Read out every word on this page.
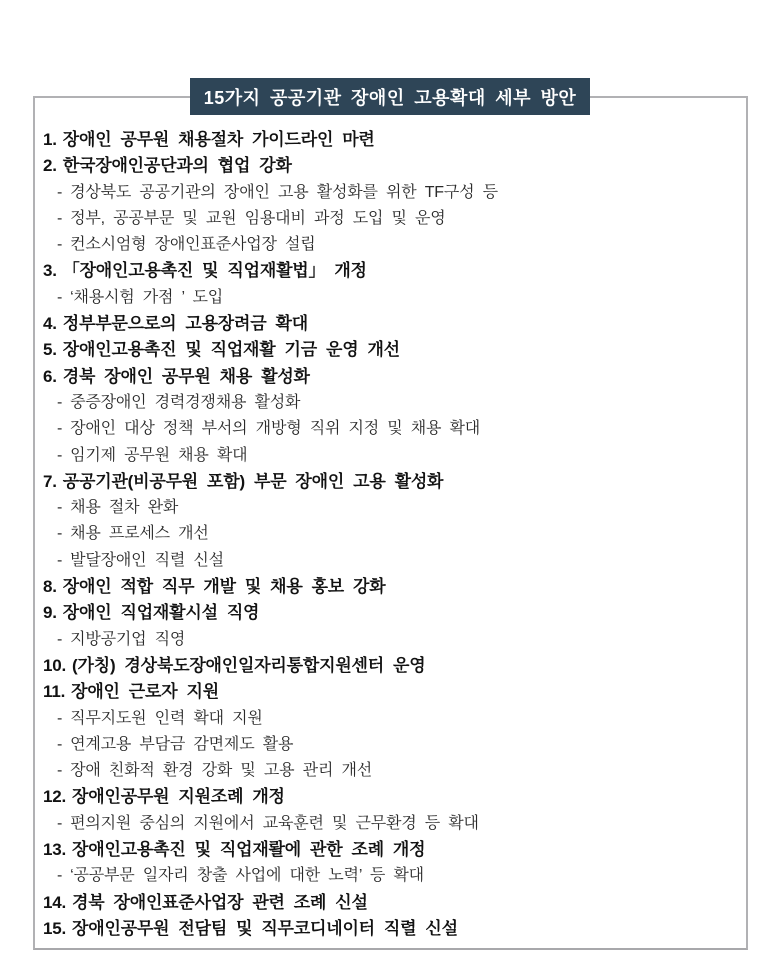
15가지 공공기관 장애인 고용확대 세부 방안
1. 장애인 공무원 채용절차 가이드라인 마련
2. 한국장애인공단과의 협업 강화
- 경상북도 공공기관의 장애인 고용 활성화를 위한 TF구성 등
- 정부, 공공부문 및 교원 임용대비 과정 도입 및 운영
- 컨소시엄형 장애인표준사업장 설립
3. 「장애인고용촉진 및 직업재활법」 개정
- ‘채용시험 가점 ’ 도입
4. 정부부문으로의 고용장려금 확대
5. 장애인고용촉진 및 직업재활 기금 운영 개선
6. 경북 장애인 공무원 채용 활성화
- 중증장애인 경력경쟁채용 활성화
- 장애인 대상 정책 부서의 개방형 직위 지정 및 채용 확대
- 임기제 공무원 채용 확대
7. 공공기관(비공무원 포함) 부문 장애인 고용 활성화
- 채용 절차 완화
- 채용 프로세스 개선
- 발달장애인 직렬 신설
8. 장애인 적합 직무 개발 및 채용 홍보 강화
9. 장애인 직업재활시설 직영
- 지방공기업 직영
10. (가칭) 경상북도장애인일자리통합지원센터 운영
11. 장애인 근로자 지원
- 직무지도원 인력 확대 지원
- 연계고용 부담금 감면제도 활용
- 장애 친화적 환경 강화 및 고용 관리 개선
12. 장애인공무원 지원조례 개정
- 편의지원 중심의 지원에서 교육훈련 및 근무환경 등 확대
13. 장애인고용촉진 및 직업재뢀에 관한 조례 개정
- ‘공공부문 일자리 창출 사업에 대한 노력’ 등 확대
14. 경북 장애인표준사업장 관련 조례 신설
15. 장애인공무원 전담팀 및 직무코디네이터 직렬 신설
